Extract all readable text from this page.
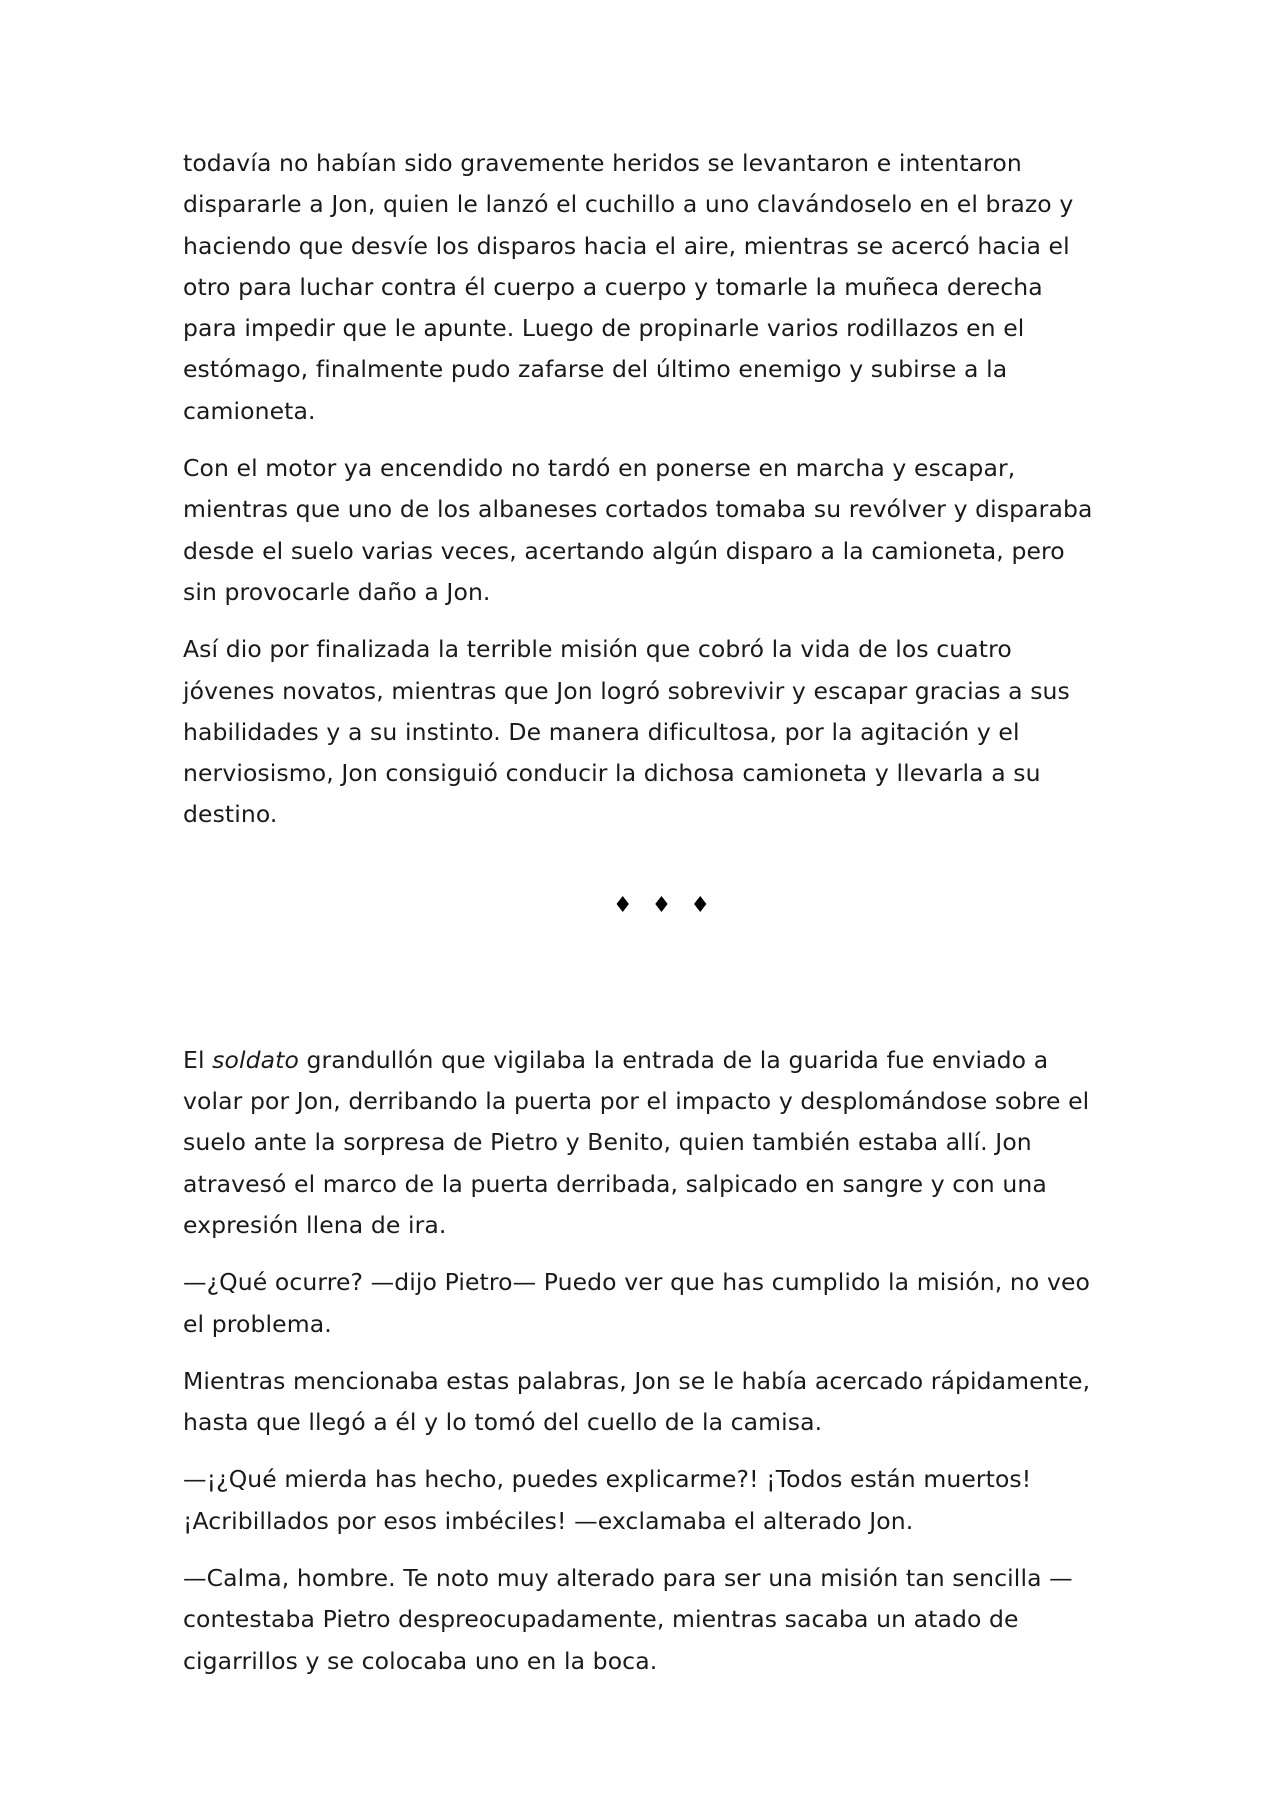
todavía no habían sido gravemente heridos se levantaron e intentaron dispararle a Jon, quien le lanzó el cuchillo a uno clavándoselo en el brazo y haciendo que desvíe los disparos hacia el aire, mientras se acercó hacia el otro para luchar contra él cuerpo a cuerpo y tomarle la muñeca derecha para impedir que le apunte. Luego de propinarle varios rodillazos en el estómago, finalmente pudo zafarse del último enemigo y subirse a la camioneta.

Con el motor ya encendido no tardó en ponerse en marcha y escapar, mientras que uno de los albaneses cortados tomaba su revólver y disparaba desde el suelo varias veces, acertando algún disparo a la camioneta, pero sin provocarle daño a Jon.

Así dio por finalizada la terrible misión que cobró la vida de los cuatro jóvenes novatos, mientras que Jon logró sobrevivir y escapar gracias a sus habilidades y a su instinto. De manera dificultosa, por la agitación y el nerviosismo, Jon consiguió conducir la dichosa camioneta y llevarla a su destino.

♦ ♦ ♦

El soldato grandullón que vigilaba la entrada de la guarida fue enviado a volar por Jon, derribando la puerta por el impacto y desplomándose sobre el suelo ante la sorpresa de Pietro y Benito, quien también estaba allí. Jon atravesó el marco de la puerta derribada, salpicado en sangre y con una expresión llena de ira.

—¿Qué ocurre? —dijo Pietro— Puedo ver que has cumplido la misión, no veo el problema.

Mientras mencionaba estas palabras, Jon se le había acercado rápidamente, hasta que llegó a él y lo tomó del cuello de la camisa.

—¡¿Qué mierda has hecho, puedes explicarme?! ¡Todos están muertos! ¡Acribillados por esos imbéciles! —exclamaba el alterado Jon.

—Calma, hombre. Te noto muy alterado para ser una misión tan sencilla — contestaba Pietro despreocupadamente, mientras sacaba un atado de cigarrillos y se colocaba uno en la boca.
